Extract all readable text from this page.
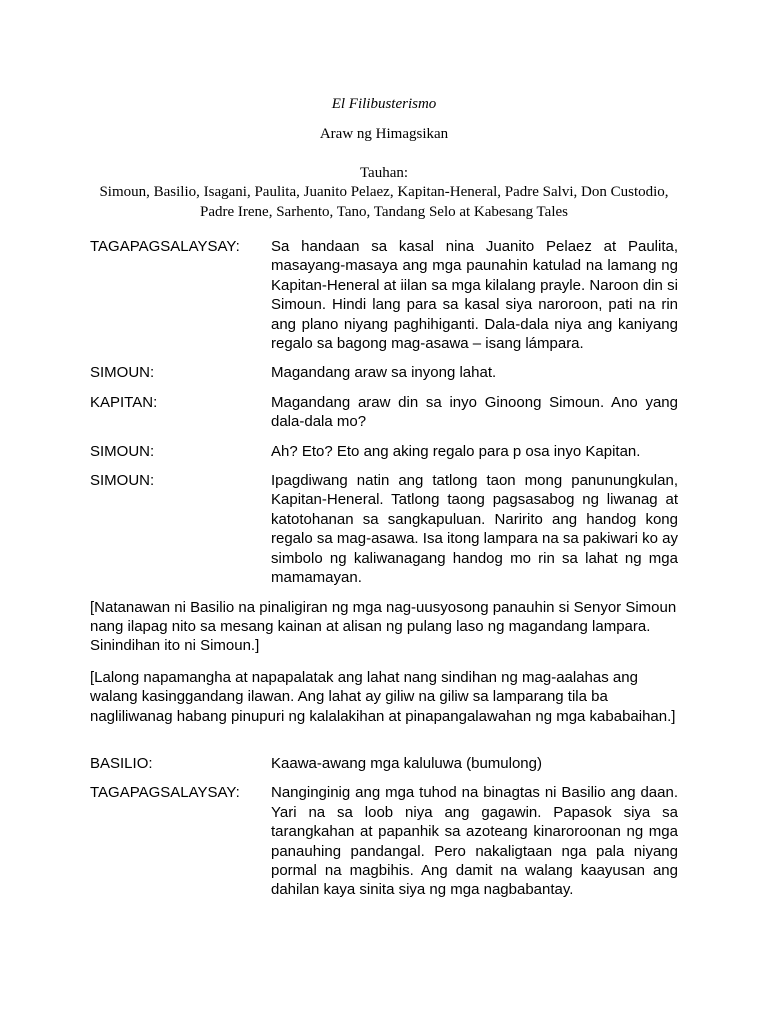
El Filibusterismo
Araw ng Himagsikan
Tauhan:
Simoun, Basilio, Isagani, Paulita, Juanito Pelaez, Kapitan-Heneral, Padre Salvi, Don Custodio, Padre Irene, Sarhento, Tano, Tandang Selo at Kabesang Tales
TAGAPAGSALAYSAY:	Sa handaan sa kasal nina Juanito Pelaez at Paulita, masayang-masaya ang mga paunahin katulad na lamang ng Kapitan-Heneral at iilan sa mga kilalang prayle. Naroon din si Simoun. Hindi lang para sa kasal siya naroroon, pati na rin ang plano niyang paghihiganti. Dala-dala niya ang kaniyang regalo sa bagong mag-asawa – isang lámpara.
SIMOUN:	Magandang araw sa inyong lahat.
KAPITAN:	Magandang araw din sa inyo Ginoong Simoun. Ano yang dala-dala mo?
SIMOUN:	Ah? Eto? Eto ang aking regalo para p osa inyo Kapitan.
SIMOUN:	Ipagdiwang natin ang tatlong taon mong panunungkulan, Kapitan-Heneral. Tatlong taong pagsasabog ng liwanag at katotohanan sa sangkapuluan. Naririto ang handog kong regalo sa mag-asawa. Isa itong lampara na sa pakiwari ko ay simbolo ng kaliwanagang handog mo rin sa lahat ng mga mamamayan.
[Natanawan ni Basilio na pinaligiran ng mga nag-uusyosong panauhin si Senyor Simoun nang ilapag nito sa mesang kainan at alisan ng pulang laso ng magandang lampara. Sinindihan ito ni Simoun.]
[Lalong napamangha at napapalatak ang lahat nang sindihan ng mag-aalahas ang walang kasinggandang ilawan. Ang lahat ay giliw na giliw sa lamparang tila ba nagliliwanag habang pinupuri ng kalalakihan at pinapangalawahan ng mga kababaihan.]
BASILIO:	Kaawa-awang mga kaluluwa (bumulong)
TAGAPAGSALAYSAY:	Nanginginig ang mga tuhod na binagtas ni Basilio ang daan. Yari na sa loob niya ang gagawin. Papasok siya sa tarangkahan at papanhik sa azoteang kinaroroonan ng mga panauhing pandangal. Pero nakaligtaan nga pala niyang pormal na magbihis. Ang damit na walang kaayusan ang dahilan kaya sinita siya ng mga nagbabantay.
